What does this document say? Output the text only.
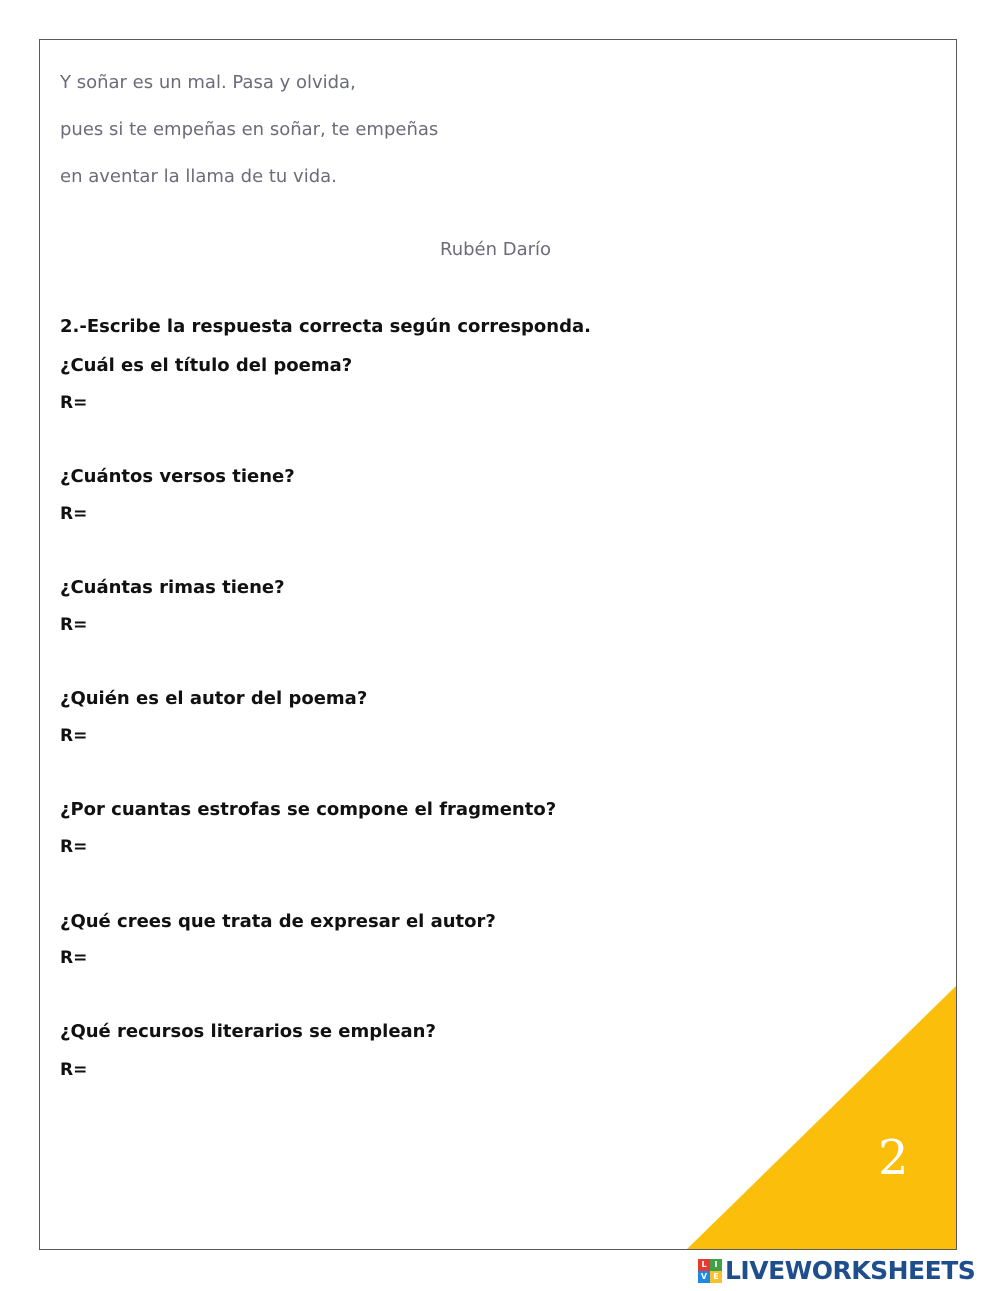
Y soñar es un mal. Pasa y olvida,
pues si te empeñas en soñar, te empeñas
en aventar la llama de tu vida.
Rubén Darío
2.-Escribe la respuesta correcta según corresponda.
¿Cuál es el título del poema?
R=
¿Cuántos versos tiene?
R=
¿Cuántas rimas tiene?
R=
¿Quién es el autor del poema?
R=
¿Por cuantas estrofas se compone el fragmento?
R=
¿Qué crees que trata de expresar el autor?
R=
¿Qué recursos literarios se emplean?
R=
2
L I
V E LIVEWORKSHEETS
